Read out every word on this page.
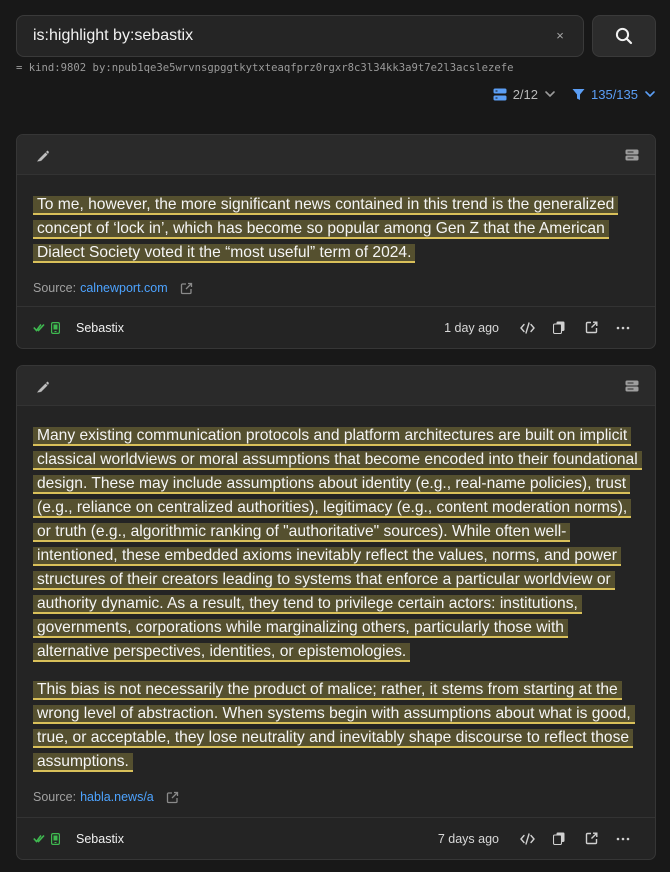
is:highlight by:sebastix
×
= kind:9802 by:npub1qe3e5wrvnsgpggtkytxteaqfprz0rgxr8c3l34kk3a9t7e2l3acslezefe
2/12	135/135

To me, however, the more significant news contained in this trend is the generalized concept of ‘lock in’, which has become so popular among Gen Z that the American Dialect Society voted it the “most useful” term of 2024.

Source: calnewport.com
Sebastix	1 day ago

Many existing communication protocols and platform architectures are built on implicit classical worldviews or moral assumptions that become encoded into their foundational design. These may include assumptions about identity (e.g., real-name policies), trust (e.g., reliance on centralized authorities), legitimacy (e.g., content moderation norms), or truth (e.g., algorithmic ranking of "authoritative" sources). While often well-intentioned, these embedded axioms inevitably reflect the values, norms, and power structures of their creators leading to systems that enforce a particular worldview or authority dynamic. As a result, they tend to privilege certain actors: institutions, governments, corporations while marginalizing others, particularly those with alternative perspectives, identities, or epistemologies.

This bias is not necessarily the product of malice; rather, it stems from starting at the wrong level of abstraction. When systems begin with assumptions about what is good, true, or acceptable, they lose neutrality and inevitably shape discourse to reflect those assumptions.

Source: habla.news/a
Sebastix	7 days ago
